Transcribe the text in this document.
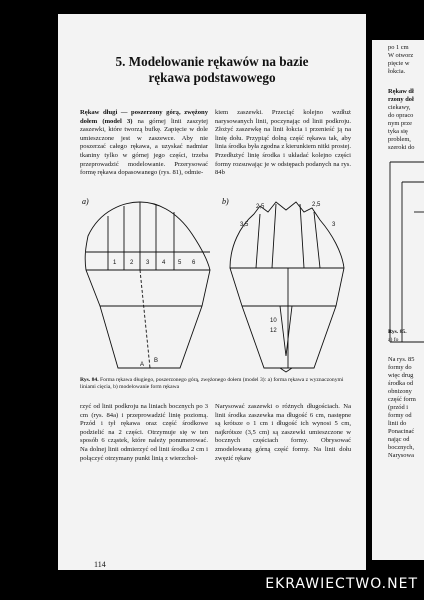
5. Modelowanie rękawów na bazie
rękawa podstawowego
Rękaw długi — poszerzony górą, zwężony dołem (model 3) na górnej linii zaszytej zaszewki, które tworzą bufkę. Zapięcie w dole umieszczone jest w zaszewce. Aby nie poszerzać całego rękawa, a uzyskać nadmiar tkaniny tylko w górnej jego części, trzeba przeprowadzić modelowanie. Przerysować formę rękawa dopasowanego (rys. 81), odmie-
kiem zaszewki. Przeciąć kolejno wzdłuż narysowanych linii, poczynając od linii podkroju. Złożyć zaszewkę na linii łokcia i przenieść ją na linię dołu. Przypiąć dolną część rękawa tak, aby linia środka była zgodna z kierunkiem nitki prostej. Przedłużyć linię środka i układać kolejno części formy rozsuwając je w odstępach podanych na rys. 84b
a)	b)
1 2 3 4 5 6
B
A
2,5	2,5
3
3,5
10
12
Rys. 84. Forma rękawa długiego, poszerzonego górą, zwężonego dołem (model 3): a) forma rękawa z wyznaczonymi liniami cięcia, b) modelowanie form rękawa
rzyć od linii podkroju na liniach bocznych po 3 cm (rys. 84a) i przeprowadzić linię poziomą. Przód i tył rękawa oraz część środkowe podzielić na 2 części. Otrzymuje się w ten sposób 6 cząstek, które należy ponumerować. Na dolnej linii odmierzyć od linii środka 2 cm i połączyć otrzymany punkt linią z wierzchoł-
Narysować zaszewki o różnych długościach. Na linii środka zaszewka ma długość 6 cm, następne są krótsze o 1 cm i długość ich wynosi 5 cm, najkrótsze (3,5 cm) są zaszewki umieszczone w bocznych częściach formy. Obrysować zmodelowaną górną część formy. Na linii dołu zwęzić rękaw
114
po 1 cm
W otworz
pięcie w
łokcia.
Rękaw dł
rzony doł
ciekawy,
do opraco
nym prze
tyka się
problem,
szeroki do
Rys. 85.
a) fo
Na rys. 85
formy do
więc drug
środka od
obnizony
część form
(przód i
formy od
linii do
Ponacinać
nając od
bocznych,
Narysowa
EKRAWIECTWO.NET
